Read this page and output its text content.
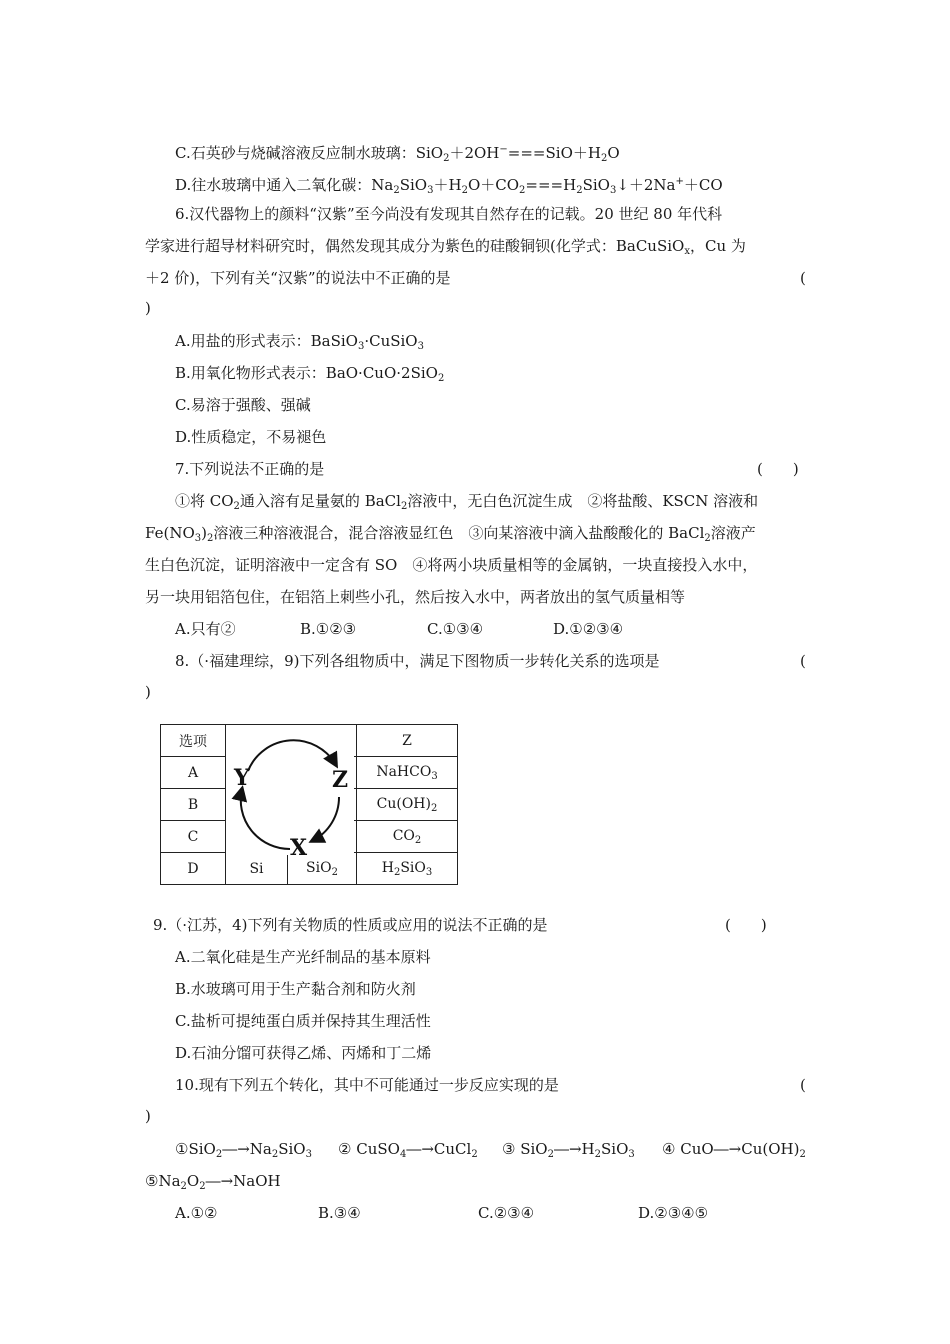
C.石英砂与烧碱溶液反应制水玻璃：$SiO_2+2OH^-===SiO+H_2O$
D.往水玻璃中通入二氧化碳：$Na_2SiO_3+H_2O+CO_2===H_2SiO_3↓+2Na^++CO$
6.汉代器物上的颜料“汉紫”至今尚没有发现其自然存在的记载。20 世纪 80 年代科
学家进行超导材料研究时，偶然发现其成分为紫色的硅酸铜钡(化学式：BaCuSiO$_x$，Cu 为
＋2 价)，下列有关“汉紫”的说法中不正确的是	(
)
A.用盐的形式表示：BaSiO$_3$·CuSiO$_3$
B.用氧化物形式表示：BaO·CuO·2SiO$_2$
C.易溶于强酸、强碱
D.性质稳定，不易褪色
7.下列说法不正确的是	(　　)
①将 $CO_2$通入溶有足量氨的 BaCl$_2$溶液中，无白色沉淀生成　②将盐酸、KSCN 溶液和
$Fe(NO_3)_2$溶液三种溶液混合，混合溶液显红色　③向某溶液中滴入盐酸酸化的 BaCl$_2$溶液产
生白色沉淀，证明溶液中一定含有 SO　④将两小块质量相等的金属钠，一块直接投入水中，
另一块用铝箔包住，在铝箔上刺些小孔，然后按入水中，两者放出的氢气质量相等
A.只有②	B.①②③	C.①③④	D.①②③④
8.（·福建理综，9)下列各组物质中，满足下图物质一步转化关系的选项是	(
)
选项			Z
A			NaHCO$_3$
B			$Cu(OH)_2$
C			$CO_2$
D	Si	SiO$_2$	$H_2SiO_3$
Y	Z
X
9.（·江苏，4)下列有关物质的性质或应用的说法不正确的是	(　　)
A.二氧化硅是生产光纤制品的基本原料
B.水玻璃可用于生产黏合剂和防火剂
C.盐析可提纯蛋白质并保持其生理活性
D.石油分馏可获得乙烯、丙烯和丁二烯
10.现有下列五个转化，其中不可能通过一步反应实现的是	(
)
$①SiO_2―\to Na_2SiO_3$ ② CuSO$_4$―→CuCl$_2$ ③ $SiO_2―\to H_2SiO_3$ ④ $CuO―\to Cu(OH)_2$
$⑤Na_2O_2―\to NaOH$
A.①②	B.③④	C.②③④	D.②③④⑤
